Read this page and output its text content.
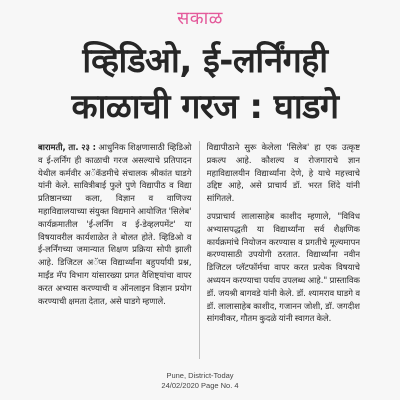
सकाळ
व्हिडिओ, ई-लर्निंगही काळाची गरज : घाडगे

बारामती, ता. २३ : आधुनिक शिक्षणासाठी व्हिडिओ व ई-लर्निंग ही काळाची गरज असल्याचे प्रतिपादन येथील कर्मवीर अॅकॅडमीचे संचालक श्रीकांत घाडगे यांनी केले. सावित्रीबाई फुले पुणे विद्यापीठ व विद्या प्रतिष्ठानच्या कला, विज्ञान व वाणिज्य महाविद्यालयाच्या संयुक्त विद्यमाने आयोजित 'सिलेब' कार्यक्रमातील 'ई-लर्निंग व ई-डेव्हलपमेंट' या विषयावरील कार्यशाळेत ते बोलत होते. व्हिडिओ व ई-लर्निंगच्या जमान्यात शिक्षण प्रक्रिया सोपी झाली आहे. डिजिटल अॅप्स विद्यार्थ्यांना बहुपर्यायी प्रश्न, माईंड मॅप विभाग यांसारख्या प्रगत वैशिष्ट्यांचा वापर करत अभ्यास करण्याची व ऑनलाइन विज्ञान प्रयोग करण्याची क्षमता देतात, असे घाडगे म्हणाले.

विद्यापीठाने सुरू केलेला 'सिलेब' हा एक उत्कृष्ट प्रकल्प आहे. कौशल्य व रोजगाराचे ज्ञान महाविद्यालयीन विद्यार्थ्यांना देणे, हे याचे महत्त्वाचे उद्दिष्ट आहे, असे प्राचार्य डॉ. भरत शिंदे यांनी सांगितले.

उपप्राचार्य लालासाहेब काशीद म्हणाले, "विविध अभ्यासपद्धती या विद्यार्थ्यांना सर्व शैक्षणिक कार्यक्रमांचे नियोजन करण्यास व प्रगतीचे मूल्यमापन करण्यासाठी उपयोगी ठरतात. विद्यार्थ्यांना नवीन डिजिटल प्लॅटफॉर्मचा वापर करत प्रत्येक विषयाचे अध्ययन करण्याचा पर्याय उपलब्ध आहे." प्रास्ताविक डॉ. जयश्री बागवडे यांनी केले. डॉ. श्यामराव घाडगे व डॉ. लालासाहेब काशीद, गजानन जोशी, डॉ. जगदीश सांगवीकर, गौतम कुदळे यांनी स्वागत केले.

Pune, District-Today
24/02/2020 Page No. 4
